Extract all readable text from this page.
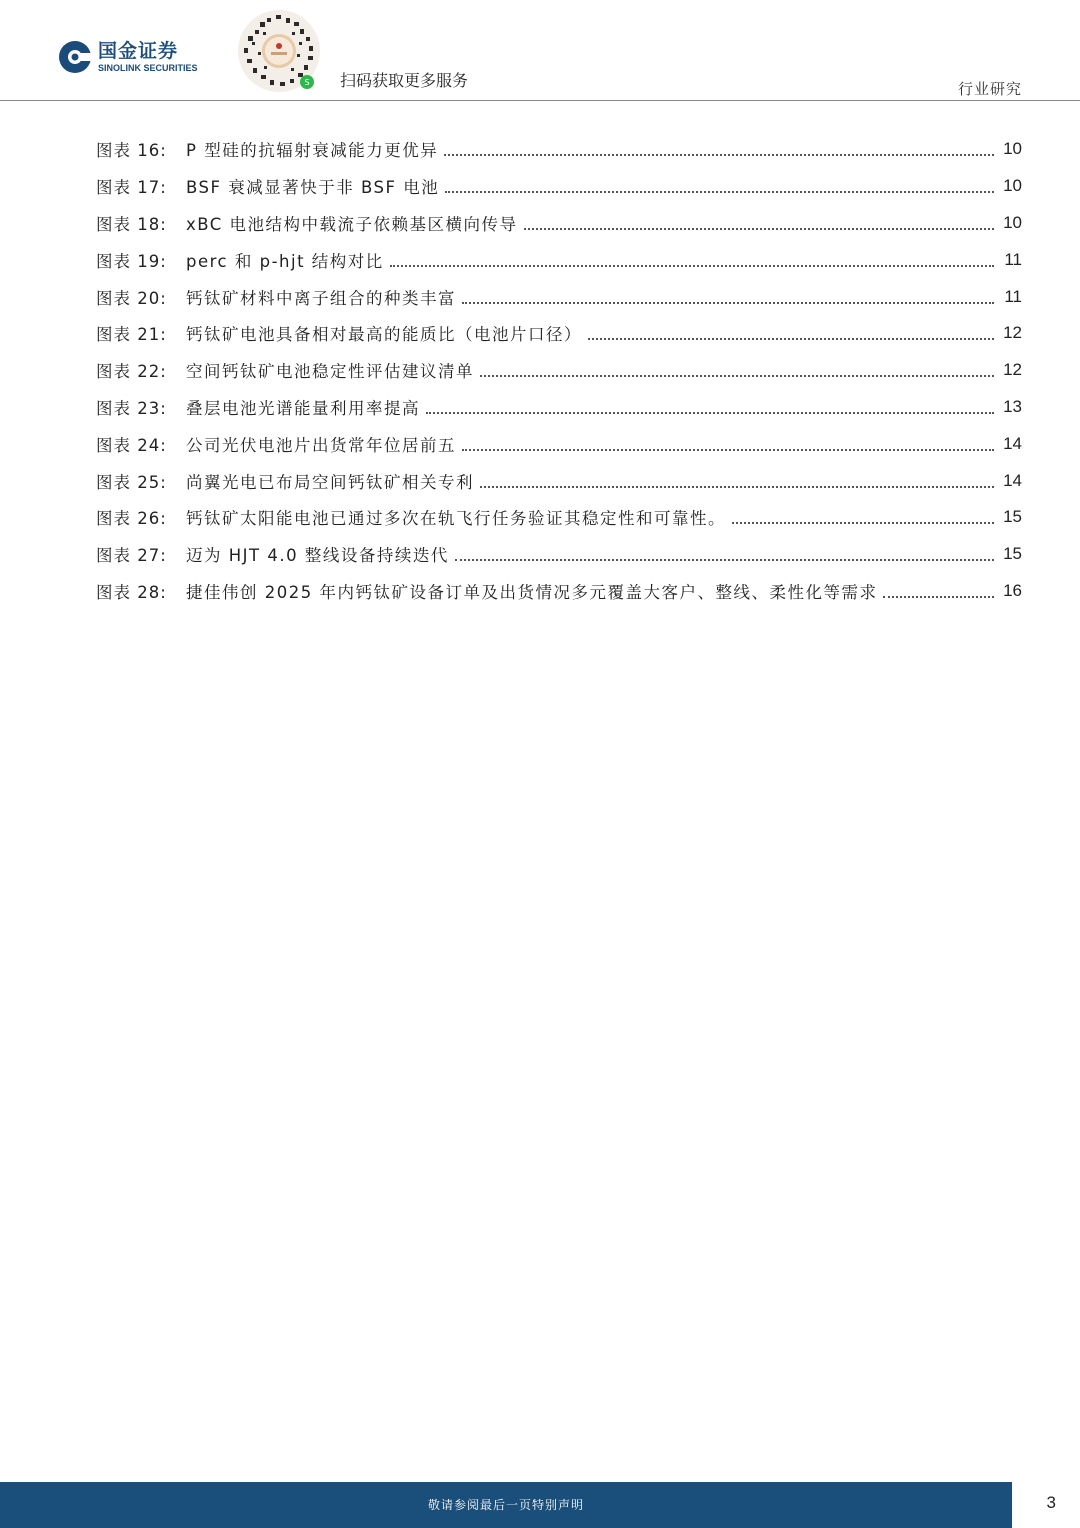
国金证券
SINOLINK SECURITIES
S 扫码获取更多服务	行业研究
图表 16:	P 型硅的抗辐射衰减能力更优异	10
图表 17:	BSF 衰减显著快于非 BSF 电池	10
图表 18:	xBC 电池结构中载流子依赖基区横向传导	10
图表 19:	perc 和 p-hjt 结构对比	11
图表 20:	钙钛矿材料中离子组合的种类丰富	11
图表 21:	钙钛矿电池具备相对最高的能质比（电池片口径）	12
图表 22:	空间钙钛矿电池稳定性评估建议清单	12
图表 23:	叠层电池光谱能量利用率提高	13
图表 24:	公司光伏电池片出货常年位居前五	14
图表 25:	尚翼光电已布局空间钙钛矿相关专利	14
图表 26:	钙钛矿太阳能电池已通过多次在轨飞行任务验证其稳定性和可靠性。	15
图表 27:	迈为 HJT 4.0 整线设备持续迭代	15
图表 28:	捷佳伟创 2025 年内钙钛矿设备订单及出货情况多元覆盖大客户、整线、柔性化等需求	16
敬请参阅最后一页特别声明	3
